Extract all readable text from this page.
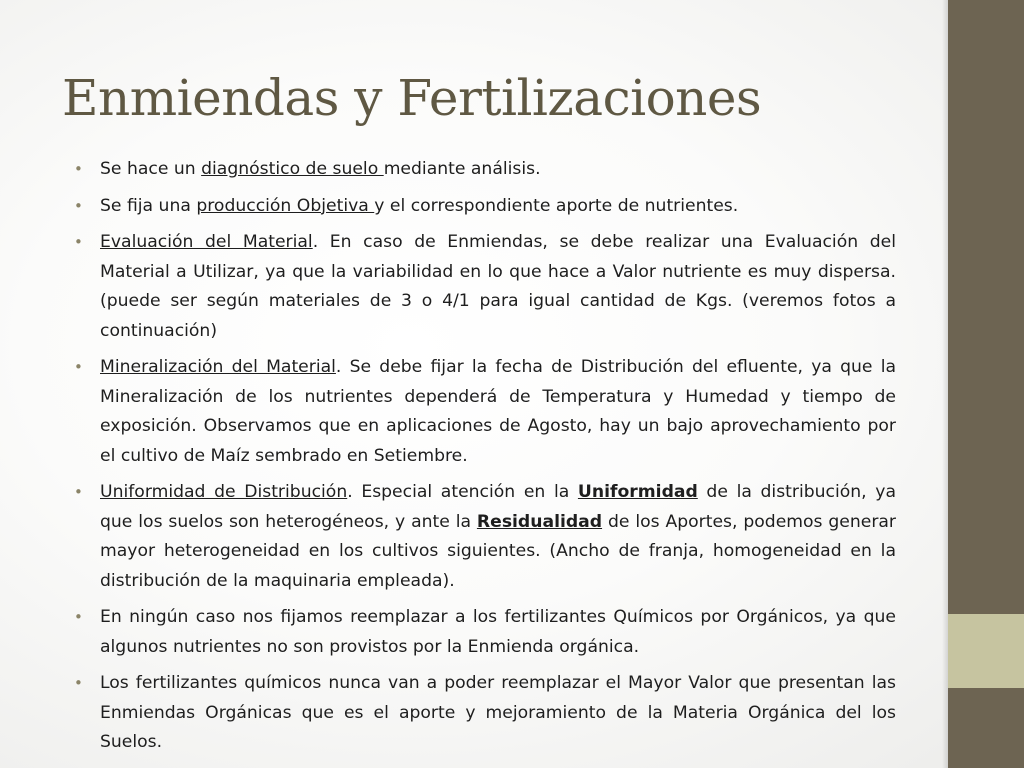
Enmiendas y Fertilizaciones
• Se hace un diagnóstico de suelo mediante análisis.
• Se fija una producción Objetiva y el correspondiente aporte de nutrientes.
• Evaluación del Material. En caso de Enmiendas, se debe realizar una Evaluación del Material a Utilizar, ya que la variabilidad en lo que hace a Valor nutriente es muy dispersa. (puede ser según materiales de 3 o 4/1 para igual cantidad de Kgs. (veremos fotos a continuación)
• Mineralización del Material. Se debe fijar la fecha de Distribución del efluente, ya que la Mineralización de los nutrientes dependerá de Temperatura y Humedad y tiempo de exposición. Observamos que en aplicaciones de Agosto, hay un bajo aprovechamiento por el cultivo de Maíz sembrado en Setiembre.
• Uniformidad de Distribución. Especial atención en la Uniformidad de la distribución, ya que los suelos son heterogéneos, y ante la Residualidad de los Aportes, podemos generar mayor heterogeneidad en los cultivos siguientes. (Ancho de franja, homogeneidad en la distribución de la maquinaria empleada).
• En ningún caso nos fijamos reemplazar a los fertilizantes Químicos por Orgánicos, ya que algunos nutrientes no son provistos por la Enmienda orgánica.
• Los fertilizantes químicos nunca van a poder reemplazar el Mayor Valor que presentan las Enmiendas Orgánicas que es el aporte y mejoramiento de la Materia Orgánica del los Suelos.
